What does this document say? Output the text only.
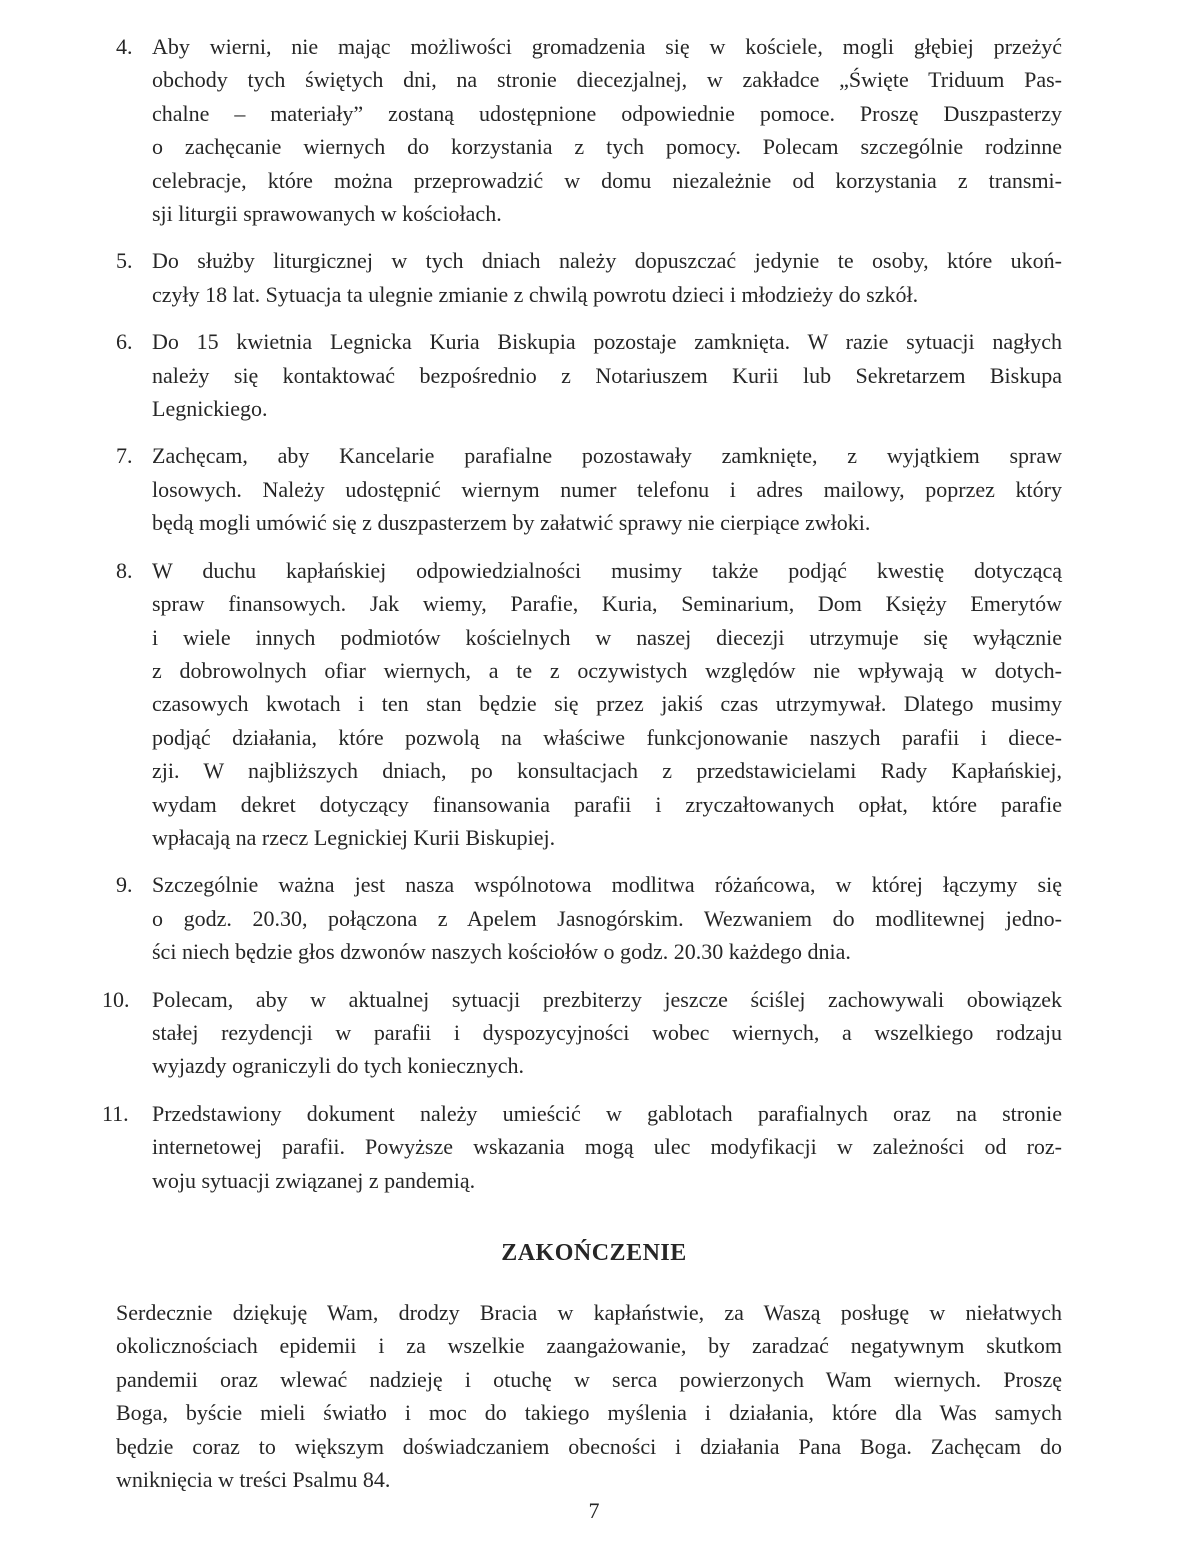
4. Aby wierni, nie mając możliwości gromadzenia się w kościele, mogli głębiej przeżyć
obchody tych świętych dni, na stronie diecezjalnej, w zakładce „Święte Triduum Pas-
chalne – materiały” zostaną udostępnione odpowiednie pomoce. Proszę Duszpasterzy
o zachęcanie wiernych do korzystania z tych pomocy. Polecam szczególnie rodzinne
celebracje, które można przeprowadzić w domu niezależnie od korzystania z transmi-
sji liturgii sprawowanych w kościołach.
5. Do służby liturgicznej w tych dniach należy dopuszczać jedynie te osoby, które ukoń-
czyły 18 lat. Sytuacja ta ulegnie zmianie z chwilą powrotu dzieci i młodzieży do szkół.
6. Do 15 kwietnia Legnicka Kuria Biskupia pozostaje zamknięta. W razie sytuacji nagłych
należy się kontaktować bezpośrednio z Notariuszem Kurii lub Sekretarzem Biskupa
Legnickiego.
7. Zachęcam, aby Kancelarie parafialne pozostawały zamknięte, z wyjątkiem spraw
losowych. Należy udostępnić wiernym numer telefonu i adres mailowy, poprzez który
będą mogli umówić się z duszpasterzem by załatwić sprawy nie cierpiące zwłoki.
8. W duchu kapłańskiej odpowiedzialności musimy także podjąć kwestię dotyczącą
spraw finansowych. Jak wiemy, Parafie, Kuria, Seminarium, Dom Księży Emerytów
i wiele innych podmiotów kościelnych w naszej diecezji utrzymuje się wyłącznie
z dobrowolnych ofiar wiernych, a te z oczywistych względów nie wpływają w dotych-
czasowych kwotach i ten stan będzie się przez jakiś czas utrzymywał. Dlatego musimy
podjąć działania, które pozwolą na właściwe funkcjonowanie naszych parafii i diece-
zji. W najbliższych dniach, po konsultacjach z przedstawicielami Rady Kapłańskiej,
wydam dekret dotyczący finansowania parafii i zryczałtowanych opłat, które parafie
wpłacają na rzecz Legnickiej Kurii Biskupiej.
9. Szczególnie ważna jest nasza wspólnotowa modlitwa różańcowa, w której łączymy się
o godz. 20.30, połączona z Apelem Jasnogórskim. Wezwaniem do modlitewnej jedno-
ści niech będzie głos dzwonów naszych kościołów o godz. 20.30 każdego dnia.
10. Polecam, aby w aktualnej sytuacji prezbiterzy jeszcze ściślej zachowywali obowiązek
stałej rezydencji w parafii i dyspozycyjności wobec wiernych, a wszelkiego rodzaju
wyjazdy ograniczyli do tych koniecznych.
11. Przedstawiony dokument należy umieścić w gablotach parafialnych oraz na stronie
internetowej parafii. Powyższe wskazania mogą ulec modyfikacji w zależności od roz-
woju sytuacji związanej z pandemią.
ZAKOŃCZENIE
Serdecznie dziękuję Wam, drodzy Bracia w kapłaństwie, za Waszą posługę w niełatwych
okolicznościach epidemii i za wszelkie zaangażowanie, by zaradzać negatywnym skutkom
pandemii oraz wlewać nadzieję i otuchę w serca powierzonych Wam wiernych. Proszę
Boga, byście mieli światło i moc do takiego myślenia i działania, które dla Was samych
będzie coraz to większym doświadczaniem obecności i działania Pana Boga. Zachęcam do
wniknięcia w treści Psalmu 84.
7
